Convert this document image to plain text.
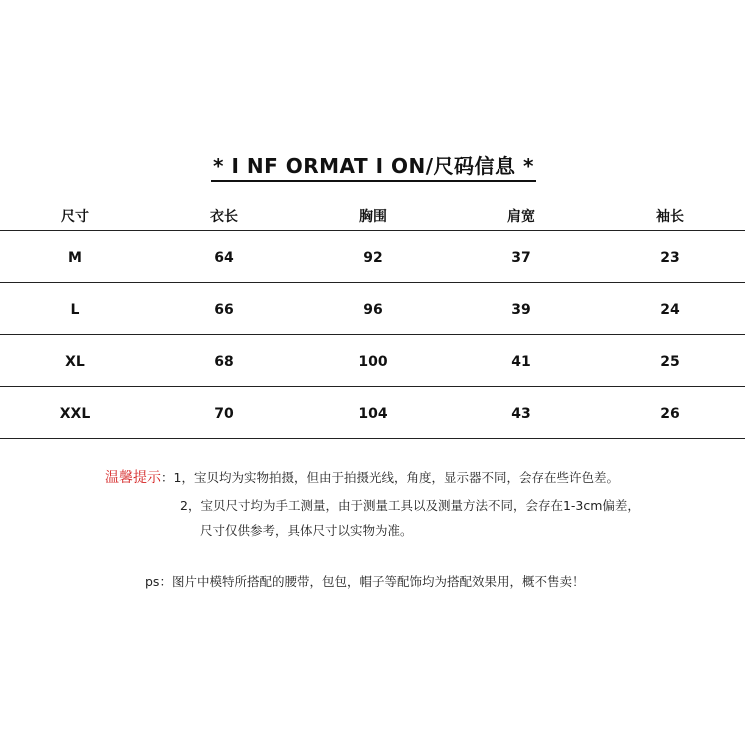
* I NF ORMAT I ON/尺码信息 *
尺寸	衣长	胸围	肩宽	袖长
M	64	92	37	23
L	66	96	39	24
XL	68	100	41	25
XXL	70	104	43	26
温馨提示：1，宝贝均为实物拍摄，但由于拍摄光线，角度，显示器不同，会存在些许色差。
2，宝贝尺寸均为手工测量，由于测量工具以及测量方法不同，会存在1-3cm偏差，
尺寸仅供参考，具体尺寸以实物为准。
ps：图片中模特所搭配的腰带，包包，帽子等配饰均为搭配效果用，概不售卖！
